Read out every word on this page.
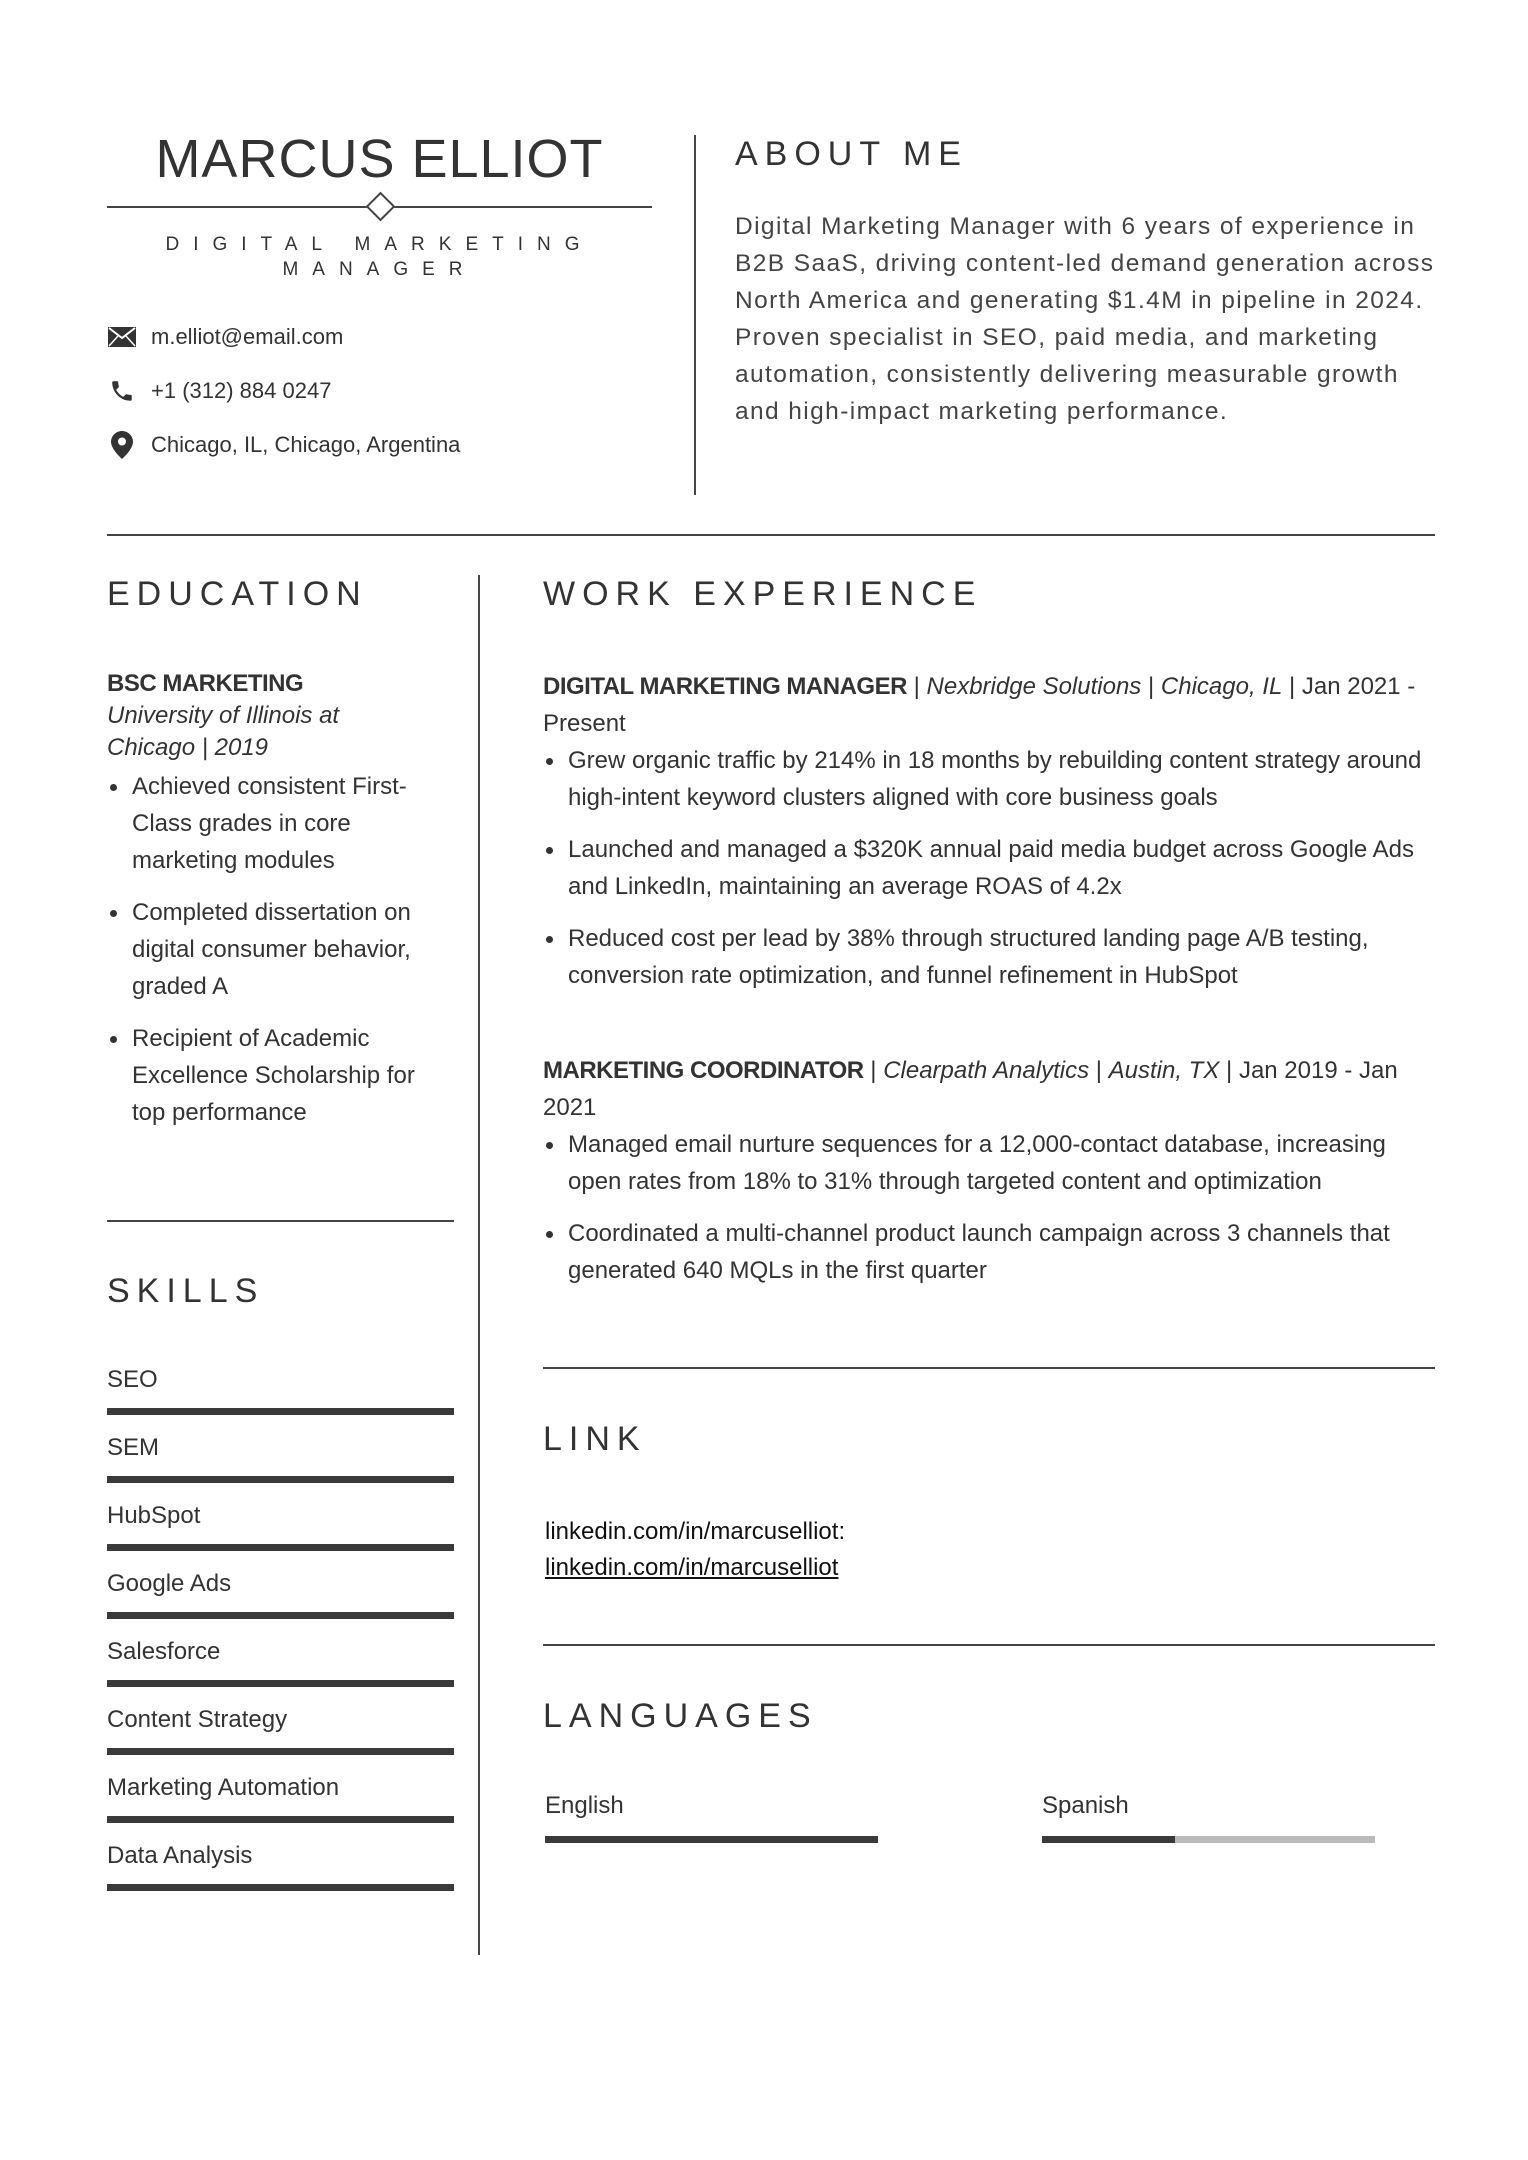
MARCUS ELLIOT
DIGITAL MARKETING MANAGER
m.elliot@email.com
+1 (312) 884 0247
Chicago, IL, Chicago, Argentina
ABOUT ME
Digital Marketing Manager with 6 years of experience in B2B SaaS, driving content-led demand generation across North America and generating $1.4M in pipeline in 2024. Proven specialist in SEO, paid media, and marketing automation, consistently delivering measurable growth and high-impact marketing performance.
EDUCATION
BSC MARKETING
University of Illinois at Chicago | 2019
Achieved consistent First-Class grades in core marketing modules
Completed dissertation on digital consumer behavior, graded A
Recipient of Academic Excellence Scholarship for top performance
SKILLS
SEO
SEM
HubSpot
Google Ads
Salesforce
Content Strategy
Marketing Automation
Data Analysis
WORK EXPERIENCE
DIGITAL MARKETING MANAGER | Nexbridge Solutions | Chicago, IL | Jan 2021 - Present
Grew organic traffic by 214% in 18 months by rebuilding content strategy around high-intent keyword clusters aligned with core business goals
Launched and managed a $320K annual paid media budget across Google Ads and LinkedIn, maintaining an average ROAS of 4.2x
Reduced cost per lead by 38% through structured landing page A/B testing, conversion rate optimization, and funnel refinement in HubSpot
MARKETING COORDINATOR | Clearpath Analytics | Austin, TX | Jan 2019 - Jan 2021
Managed email nurture sequences for a 12,000-contact database, increasing open rates from 18% to 31% through targeted content and optimization
Coordinated a multi-channel product launch campaign across 3 channels that generated 640 MQLs in the first quarter
LINK
linkedin.com/in/marcuselliot:
linkedin.com/in/marcuselliot
LANGUAGES
English	Spanish
